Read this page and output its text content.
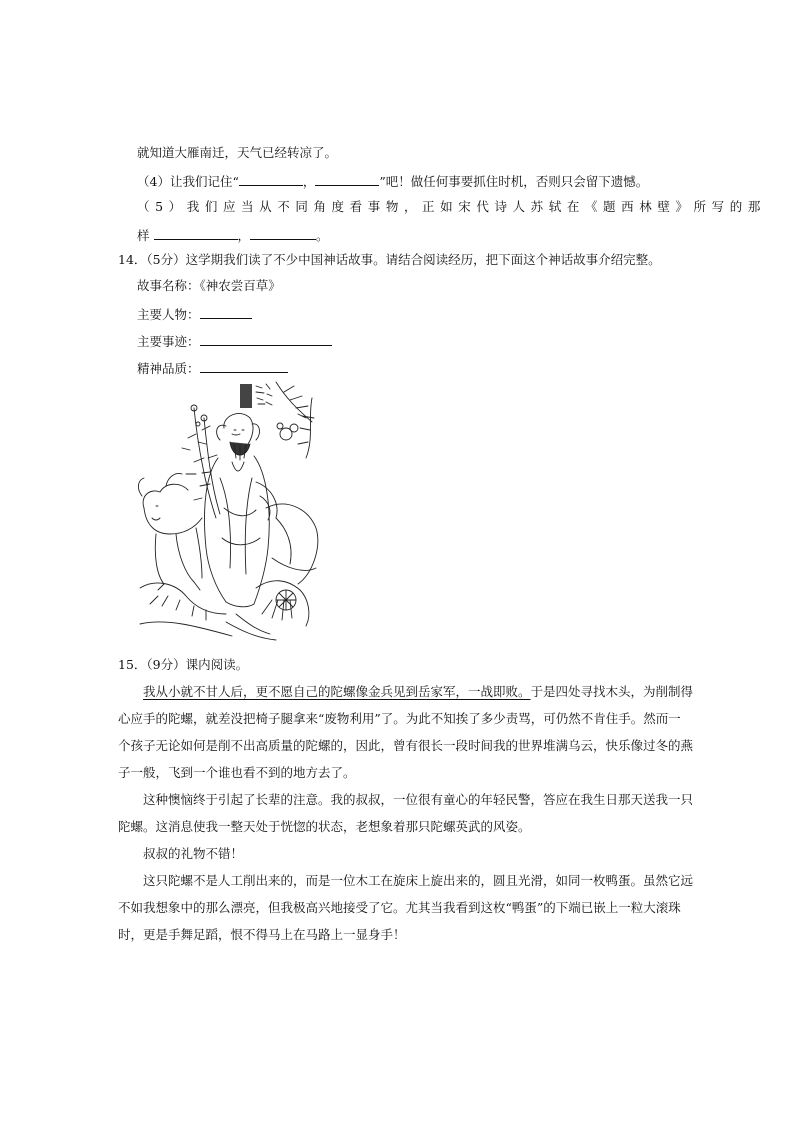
就知道大雁南迁，天气已经转凉了。
（4）让我们记住“	，	”吧！做任何事要抓住时机，否则只会留下遗憾。
（5）我们应当从不同角度看事物，正如宋代诗人苏轼在《题西林壁》所写的那
样	，	。
14．（5分）这学期我们读了不少中国神话故事。请结合阅读经历，把下面这个神话故事介绍完整。
故事名称：《神农尝百草》
主要人物：
主要事迹：
精神品质：
15．（9分）课内阅读。
我从小就不甘人后，更不愿自己的陀螺像金兵见到岳家军，一战即败。于是四处寻找木头，为削制得
心应手的陀螺，就差没把椅子腿拿来“废物利用”了。为此不知挨了多少责骂，可仍然不肯住手。然而一
个孩子无论如何是削不出高质量的陀螺的，因此，曾有很长一段时间我的世界堆满乌云，快乐像过冬的燕
子一般，飞到一个谁也看不到的地方去了。
这种懊恼终于引起了长辈的注意。我的叔叔，一位很有童心的年轻民警，答应在我生日那天送我一只
陀螺。这消息使我一整天处于恍惚的状态，老想象着那只陀螺英武的风姿。
叔叔的礼物不错！
这只陀螺不是人工削出来的，而是一位木工在旋床上旋出来的，圆且光滑，如同一枚鸭蛋。虽然它远
不如我想象中的那么漂亮，但我极高兴地接受了它。尤其当我看到这枚“鸭蛋”的下端已嵌上一粒大滚珠
时，更是手舞足蹈，恨不得马上在马路上一显身手！
